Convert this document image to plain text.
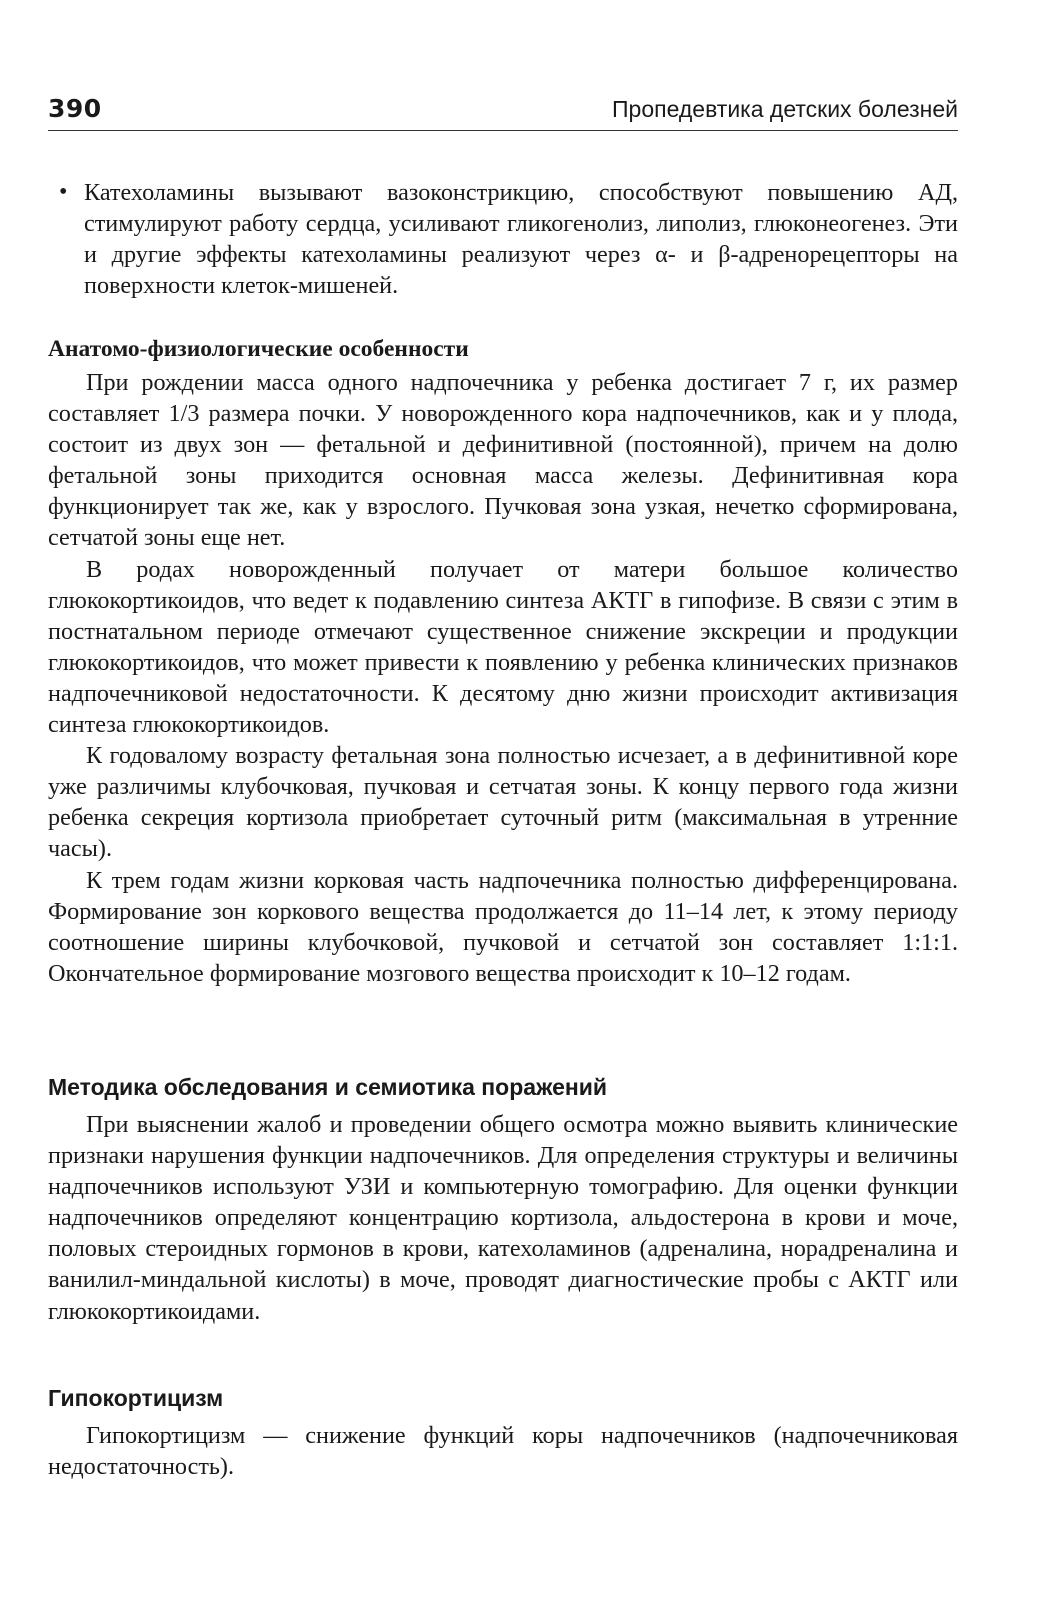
390	Пропедевтика детских болезней
• Катехоламины вызывают вазоконстрикцию, способствуют повышению АД, стимулируют работу сердца, усиливают гликогенолиз, липолиз, глюконеогенез. Эти и другие эффекты катехоламины реализуют через α- и β-адренорецепторы на поверхности клеток-мишеней.

Анатомо-физиологические особенности

При рождении масса одного надпочечника у ребенка достигает 7 г, их размер составляет 1/3 размера почки. У новорожденного кора надпочечников, как и у плода, состоит из двух зон — фетальной и дефинитивной (постоянной), причем на долю фетальной зоны приходится основная масса железы. Дефинитивная кора функционирует так же, как у взрослого. Пучковая зона узкая, нечетко сформирована, сетчатой зоны еще нет.

В родах новорожденный получает от матери большое количество глюкокортикоидов, что ведет к подавлению синтеза АКТГ в гипофизе. В связи с этим в постнатальном периоде отмечают существенное снижение экскреции и продукции глюкокортикоидов, что может привести к появлению у ребенка клинических признаков надпочечниковой недостаточности. К десятому дню жизни происходит активизация синтеза глюкокортикоидов.

К годовалому возрасту фетальная зона полностью исчезает, а в дефинитивной коре уже различимы клубочковая, пучковая и сетчатая зоны. К концу первого года жизни ребенка секреция кортизола приобретает суточный ритм (максимальная в утренние часы).

К трем годам жизни корковая часть надпочечника полностью дифференцирована. Формирование зон коркового вещества продолжается до 11–14 лет, к этому периоду соотношение ширины клубочковой, пучковой и сетчатой зон составляет 1:1:1. Окончательное формирование мозгового вещества происходит к 10–12 годам.

Методика обследования и семиотика поражений

При выяснении жалоб и проведении общего осмотра можно выявить клинические признаки нарушения функции надпочечников. Для определения структуры и величины надпочечников используют УЗИ и компьютерную томографию. Для оценки функции надпочечников определяют концентрацию кортизола, альдостерона в крови и моче, половых стероидных гормонов в крови, катехоламинов (адреналина, норадреналина и ванилил-миндальной кислоты) в моче, проводят диагностические пробы с АКТГ или глюкокортикоидами.

Гипокортицизм

Гипокортицизм — снижение функций коры надпочечников (надпочечниковая недостаточность).
